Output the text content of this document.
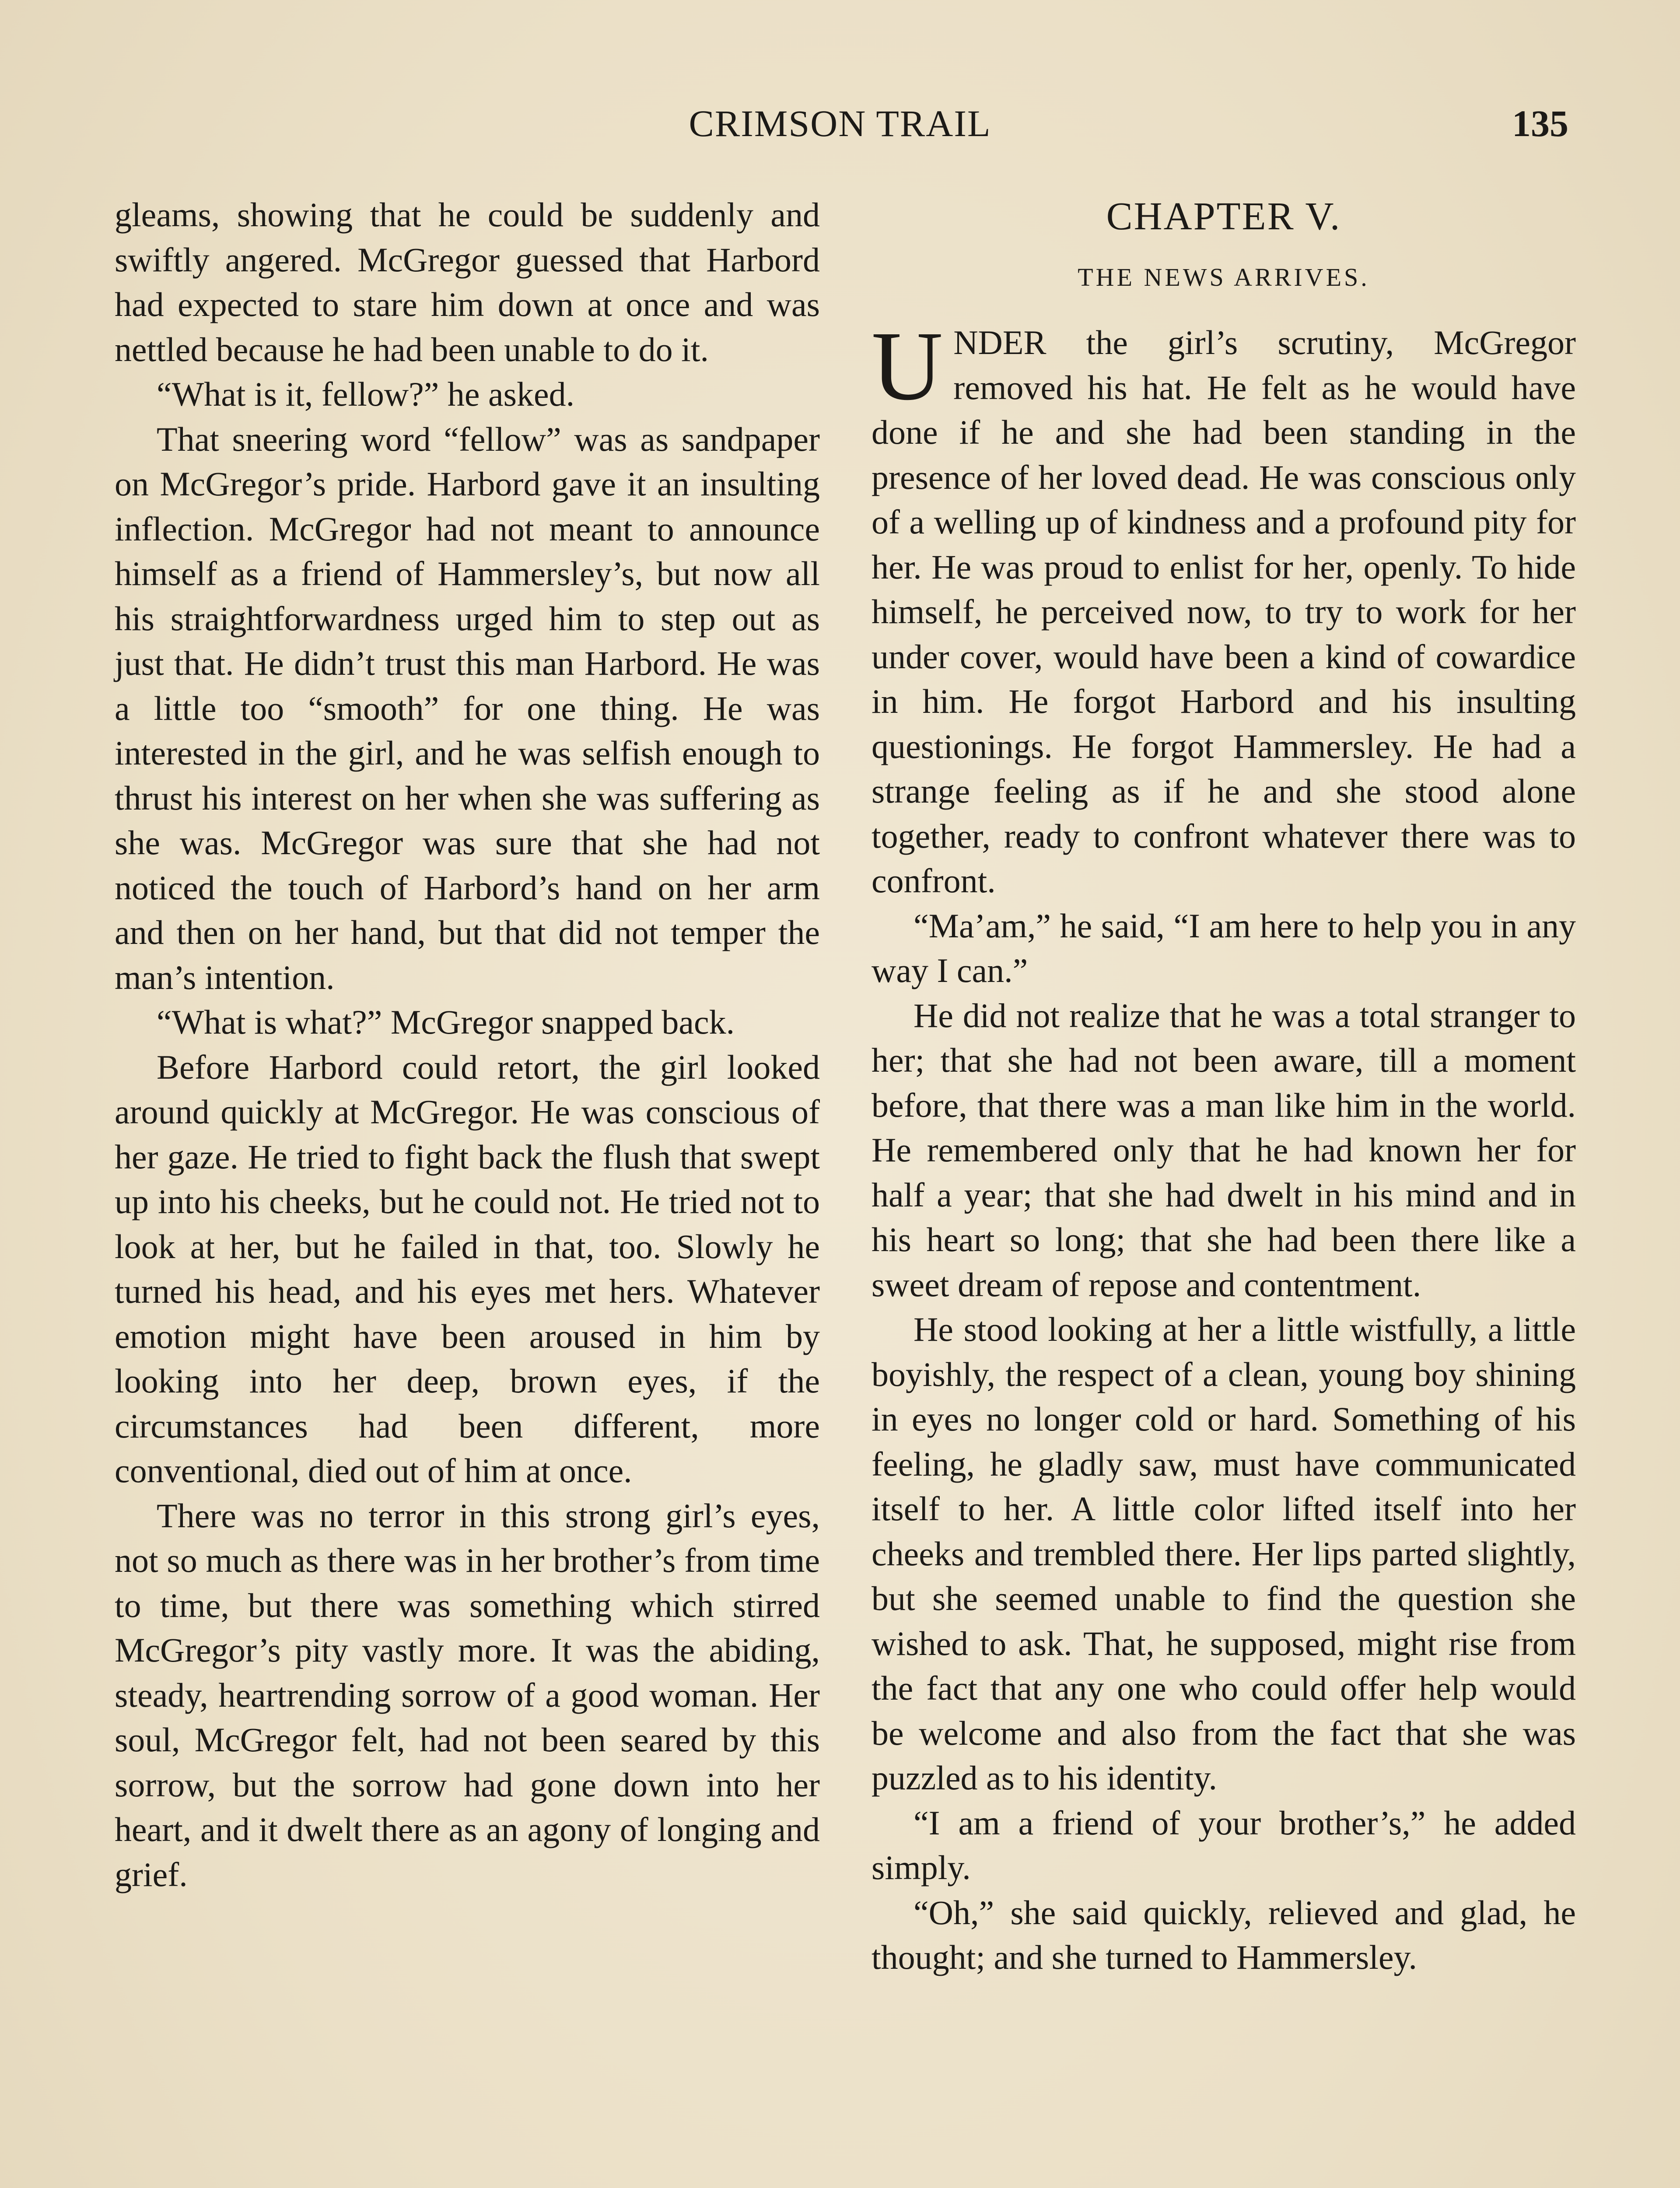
CRIMSON TRAIL	135

gleams, showing that he could be suddenly and swiftly angered. McGregor guessed that Harbord had expected to stare him down at once and was nettled because he had been unable to do it.

“What is it, fellow?” he asked.

That sneering word “fellow” was as sandpaper on McGregor’s pride. Harbord gave it an insulting inflection. McGregor had not meant to announce himself as a friend of Hammersley’s, but now all his straightforwardness urged him to step out as just that. He didn’t trust this man Harbord. He was a little too “smooth” for one thing. He was interested in the girl, and he was selfish enough to thrust his interest on her when she was suffering as she was. McGregor was sure that she had not noticed the touch of Harbord’s hand on her arm and then on her hand, but that did not temper the man’s intention.

“What is what?” McGregor snapped back.

Before Harbord could retort, the girl looked around quickly at McGregor. He was conscious of her gaze. He tried to fight back the flush that swept up into his cheeks, but he could not. He tried not to look at her, but he failed in that, too. Slowly he turned his head, and his eyes met hers. Whatever emotion might have been aroused in him by looking into her deep, brown eyes, if the circumstances had been different, more conventional, died out of him at once.

There was no terror in this strong girl’s eyes, not so much as there was in her brother’s from time to time, but there was something which stirred McGregor’s pity vastly more. It was the abiding, steady, heartrending sorrow of a good woman. Her soul, McGregor felt, had not been seared by this sorrow, but the sorrow had gone down into her heart, and it dwelt there as an agony of longing and grief.

CHAPTER V.
THE NEWS ARRIVES.

UNDER the girl’s scrutiny, McGregor removed his hat. He felt as he would have done if he and she had been standing in the presence of her loved dead. He was conscious only of a welling up of kindness and a profound pity for her. He was proud to enlist for her, openly. To hide himself, he perceived now, to try to work for her under cover, would have been a kind of cowardice in him. He forgot Harbord and his insulting questionings. He forgot Hammersley. He had a strange feeling as if he and she stood alone together, ready to confront whatever there was to confront.

“Ma’am,” he said, “I am here to help you in any way I can.”

He did not realize that he was a total stranger to her; that she had not been aware, till a moment before, that there was a man like him in the world. He remembered only that he had known her for half a year; that she had dwelt in his mind and in his heart so long; that she had been there like a sweet dream of repose and contentment.

He stood looking at her a little wistfully, a little boyishly, the respect of a clean, young boy shining in eyes no longer cold or hard. Something of his feeling, he gladly saw, must have communicated itself to her. A little color lifted itself into her cheeks and trembled there. Her lips parted slightly, but she seemed unable to find the question she wished to ask. That, he supposed, might rise from the fact that any one who could offer help would be welcome and also from the fact that she was puzzled as to his identity.

“I am a friend of your brother’s,” he added simply.

“Oh,” she said quickly, relieved and glad, he thought; and she turned to Hammersley.
